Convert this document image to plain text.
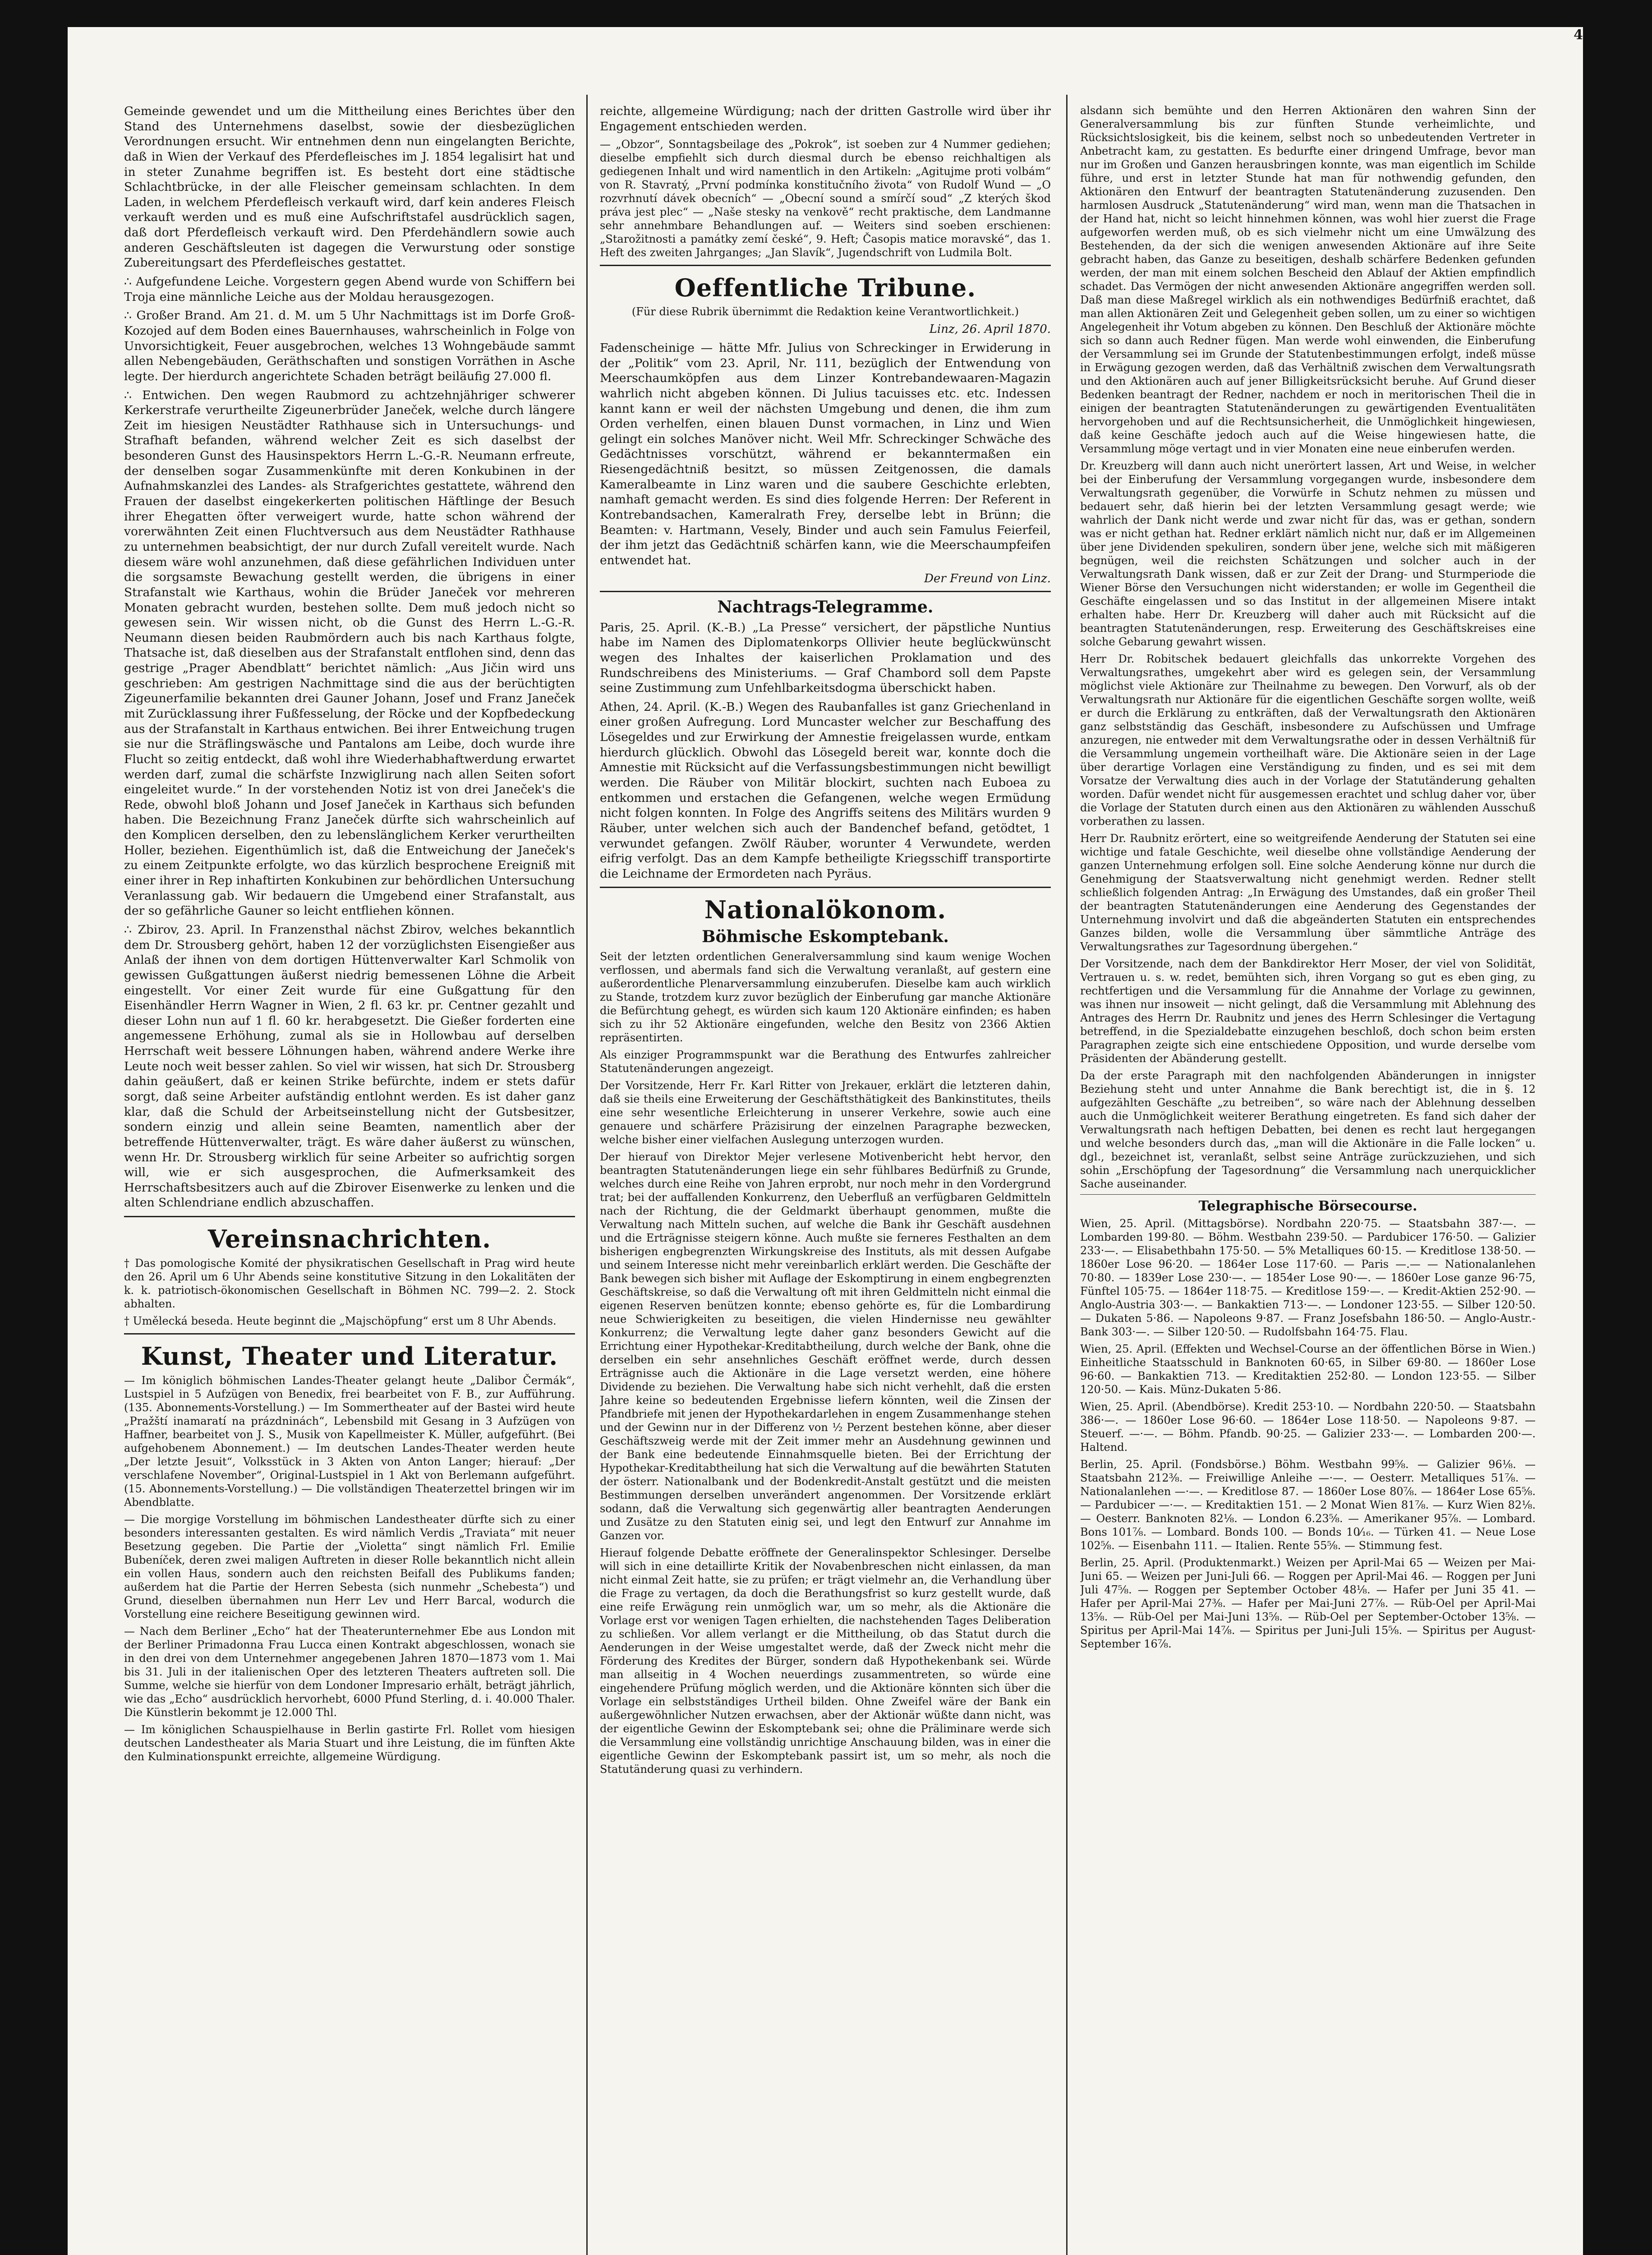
4

Gemeinde gewendet und um die Mittheilung eines Berichtes über den Stand des Unternehmens daselbst, sowie der diesbezüglichen Verordnungen ersucht. Wir entnehmen denn nun eingelangten Berichte, daß in Wien der Verkauf des Pferdefleisches im J. 1854 legalisirt hat und in steter Zunahme begriffen ist. Es besteht dort eine städtische Schlachtbrücke, in der alle Fleischer gemeinsam schlachten. In dem Laden, in welchem Pferdefleisch verkauft wird, darf kein anderes Fleisch verkauft werden und es muß eine Aufschriftstafel ausdrücklich sagen, daß dort Pferdefleisch verkauft wird. Den Pferdehändlern sowie auch anderen Geschäftsleuten ist dagegen die Verwurstung oder sonstige Zubereitungsart des Pferdefleisches gestattet.

∴ Aufgefundene Leiche. Vorgestern gegen Abend wurde von Schiffern bei Troja eine männliche Leiche aus der Moldau herausgezogen.

∴ Großer Brand. Am 21. d. M. um 5 Uhr Nachmittags ist im Dorfe Groß-Kozojed auf dem Boden eines Bauernhauses, wahrscheinlich in Folge von Unvorsichtigkeit, Feuer ausgebrochen, welches 13 Wohngebäude sammt allen Nebengebäuden, Geräthschaften und sonstigen Vorräthen in Asche legte. Der hierdurch angerichtete Schaden beträgt beiläufig 27.000 fl.

∴ Entwichen. Den wegen Raubmord zu achtzehnjähriger schwerer Kerkerstrafe verurtheilte Zigeunerbrüder Janeček, welche durch längere Zeit im hiesigen Neustädter Rathhause sich in Untersuchungs- und Strafhaft befanden, während welcher Zeit es sich daselbst der besonderen Gunst des Hausinspektors Herrn L.-G.-R. Neumann erfreute, der denselben sogar Zusammenkünfte mit deren Konkubinen in der Aufnahmskanzlei des Landes- als Strafgerichtes gestattete, während den Frauen der daselbst eingekerkerten politischen Häftlinge der Besuch ihrer Ehegatten öfter verweigert wurde, hatte schon während der vorerwähnten Zeit einen Fluchtversuch aus dem Neustädter Rathhause zu unternehmen beabsichtigt, der nur durch Zufall vereitelt wurde. Nach diesem wäre wohl anzunehmen, daß diese gefährlichen Individuen unter die sorgsamste Bewachung gestellt werden, die übrigens in einer Strafanstalt wie Karthaus, wohin die Brüder Janeček vor mehreren Monaten gebracht wurden, bestehen sollte. Dem muß jedoch nicht so gewesen sein. Wir wissen nicht, ob die Gunst des Herrn L.-G.-R. Neumann diesen beiden Raubmördern auch bis nach Karthaus folgte, Thatsache ist, daß dieselben aus der Strafanstalt entflohen sind, denn das gestrige „Prager Abendblatt“ berichtet nämlich: „Aus Jičin wird uns geschrieben: Am gestrigen Nachmittage sind die aus der berüchtigten Zigeunerfamilie bekannten drei Gauner Johann, Josef und Franz Janeček mit Zurücklassung ihrer Fußfesselung, der Röcke und der Kopfbedeckung aus der Strafanstalt in Karthaus entwichen. Bei ihrer Entweichung trugen sie nur die Sträflingswäsche und Pantalons am Leibe, doch wurde ihre Flucht so zeitig entdeckt, daß wohl ihre Wiederhabhaftwerdung erwartet werden darf, zumal die schärfste Inzwiglirung nach allen Seiten sofort eingeleitet wurde.“ In der vorstehenden Notiz ist von drei Janeček's die Rede, obwohl bloß Johann und Josef Janeček in Karthaus sich befunden haben. Die Bezeichnung Franz Janeček dürfte sich wahrscheinlich auf den Komplicen derselben, den zu lebenslänglichem Kerker verurtheilten Holler, beziehen. Eigenthümlich ist, daß die Entweichung der Janeček's zu einem Zeitpunkte erfolgte, wo das kürzlich besprochene Ereigniß mit einer ihrer in Rep inhaftirten Konkubinen zur behördlichen Untersuchung Veranlassung gab. Wir bedauern die Umgebend einer Strafanstalt, aus der so gefährliche Gauner so leicht entfliehen können.

∴ Zbirov, 23. April. In Franzensthal nächst Zbirov, welches bekanntlich dem Dr. Strousberg gehört, haben 12 der vorzüglichsten Eisengießer aus Anlaß der ihnen von dem dortigen Hüttenverwalter Karl Schmolik von gewissen Gußgattungen äußerst niedrig bemessenen Löhne die Arbeit eingestellt. Vor einer Zeit wurde für eine Gußgattung für den Eisenhändler Herrn Wagner in Wien, 2 fl. 63 kr. pr. Centner gezahlt und dieser Lohn nun auf 1 fl. 60 kr. herabgesetzt. Die Gießer forderten eine angemessene Erhöhung, zumal als sie in Hollowbau auf derselben Herrschaft weit bessere Löhnungen haben, während andere Werke ihre Leute noch weit besser zahlen. So viel wir wissen, hat sich Dr. Strousberg dahin geäußert, daß er keinen Strike befürchte, indem er stets dafür sorgt, daß seine Arbeiter aufständig entlohnt werden. Es ist daher ganz klar, daß die Schuld der Arbeitseinstellung nicht der Gutsbesitzer, sondern einzig und allein seine Beamten, namentlich aber der betreffende Hüttenverwalter, trägt. Es wäre daher äußerst zu wünschen, wenn Hr. Dr. Strousberg wirklich für seine Arbeiter so aufrichtig sorgen will, wie er sich ausgesprochen, die Aufmerksamkeit des Herrschaftsbesitzers auch auf die Zbirover Eisenwerke zu lenken und die alten Schlendriane endlich abzuschaffen.

Vereinsnachrichten.

† Das pomologische Komité der physikratischen Gesellschaft in Prag wird heute den 26. April um 6 Uhr Abends seine konstitutive Sitzung in den Lokalitäten der k. k. patriotisch-ökonomischen Gesellschaft in Böhmen NC. 799—2. 2. Stock abhalten.

† Umělecká beseda. Heute beginnt die „Majschöpfung“ erst um 8 Uhr Abends.

Kunst, Theater und Literatur.

— Im königlich böhmischen Landes-Theater gelangt heute „Dalibor Čermák“, Lustspiel in 5 Aufzügen von Benedix, frei bearbeitet von F. B., zur Aufführung. (135. Abonnements-Vorstellung.) — Im Sommertheater auf der Bastei wird heute „Pražští inamaratí na prázdninách“, Lebensbild mit Gesang in 3 Aufzügen von Haffner, bearbeitet von J. S., Musik von Kapellmeister K. Müller, aufgeführt. (Bei aufgehobenem Abonnement.) — Im deutschen Landes-Theater werden heute „Der letzte Jesuit“, Volksstück in 3 Akten von Anton Langer; hierauf: „Der verschlafene November“, Original-Lustspiel in 1 Akt von Berlemann aufgeführt. (15. Abonnements-Vorstellung.) — Die vollständigen Theaterzettel bringen wir im Abendblatte.

— Die morgige Vorstellung im böhmischen Landestheater dürfte sich zu einer besonders interessanten gestalten. Es wird nämlich Verdis „Traviata“ mit neuer Besetzung gegeben. Die Partie der „Violetta“ singt nämlich Frl. Emilie Bubeníček, deren zwei maligen Auftreten in dieser Rolle bekanntlich nicht allein ein vollen Haus, sondern auch den reichsten Beifall des Publikums fanden; außerdem hat die Partie der Herren Sebesta (sich nunmehr „Schebesta“) und Grund, dieselben übernahmen nun Herr Lev und Herr Barcal, wodurch die Vorstellung eine reichere Beseitigung gewinnen wird.

— Nach dem Berliner „Echo“ hat der Theaterunternehmer Ebe aus London mit der Berliner Primadonna Frau Lucca einen Kontrakt abgeschlossen, wonach sie in den drei von dem Unternehmer angegebenen Jahren 1870—1873 vom 1. Mai bis 31. Juli in der italienischen Oper des letzteren Theaters auftreten soll. Die Summe, welche sie hierfür von dem Londoner Impresario erhält, beträgt jährlich, wie das „Echo“ ausdrücklich hervorhebt, 6000 Pfund Sterling, d. i. 40.000 Thaler. Die Künstlerin bekommt je 12.000 Thl.

— Im königlichen Schauspielhause in Berlin gastirte Frl. Rollet vom hiesigen deutschen Landestheater als Maria Stuart und ihre Leistung, die im fünften Akte den Kulminationspunkt erreichte, allgemeine Würdigung.

reichte, allgemeine Würdigung; nach der dritten Gastrolle wird über ihr Engagement entschieden werden.

— „Obzor“, Sonntagsbeilage des „Pokrok“, ist soeben zur 4 Nummer gediehen; dieselbe empfiehlt sich durch diesmal durch be ebenso reichhaltigen als gediegenen Inhalt und wird namentlich in den Artikeln: „Agitujme proti volbám“ von R. Stavratý, „První podmínka konstitučního života“ von Rudolf Wund — „O rozvrhnutí dávek obecních“ — „Obecní sound a smírčí soud“ „Z kterých škod práva jest plec“ — „Naše stesky na venkově“ recht praktische, dem Landmanne sehr annehmbare Behandlungen auf. — Weiters sind soeben erschienen: „Starožitnosti a památky zemí české“, 9. Heft; Časopis matice moravské“, das 1. Heft des zweiten Jahrganges; „Jan Slavík“, Jugendschrift von Ludmila Bolt.

Oeffentliche Tribune.
(Für diese Rubrik übernimmt die Redaktion keine Verantwortlichkeit.)
Linz, 26. April 1870.

Fadenscheinige — hätte Mfr. Julius von Schreckinger in Erwiderung in der „Politik“ vom 23. April, Nr. 111, bezüglich der Entwendung von Meerschaumköpfen aus dem Linzer Kontrebandewaaren-Magazin wahrlich nicht abgeben können. Di Julius tacuisses etc. etc. Indessen kannt kann er weil der nächsten Umgebung und denen, die ihm zum Orden verhelfen, einen blauen Dunst vormachen, in Linz und Wien gelingt ein solches Manöver nicht. Weil Mfr. Schreckinger Schwäche des Gedächtnisses vorschützt, während er bekanntermaßen ein Riesengedächtniß besitzt, so müssen Zeitgenossen, die damals Kameralbeamte in Linz waren und die saubere Geschichte erlebten, namhaft gemacht werden. Es sind dies folgende Herren: Der Referent in Kontrebandsachen, Kameralrath Frey, derselbe lebt in Brünn; die Beamten: v. Hartmann, Vesely, Binder und auch sein Famulus Feierfeil, der ihm jetzt das Gedächtniß schärfen kann, wie die Meerschaumpfeifen entwendet hat.

Der Freund von Linz.
Nachtrags-Telegramme.

Paris, 25. April. (K.-B.) „La Presse“ versichert, der päpstliche Nuntius habe im Namen des Diplomatenkorps Ollivier heute beglückwünscht wegen des Inhaltes der kaiserlichen Proklamation und des Rundschreibens des Ministeriums. — Graf Chambord soll dem Papste seine Zustimmung zum Unfehlbarkeitsdogma überschickt haben.

Athen, 24. April. (K.-B.) Wegen des Raubanfalles ist ganz Griechenland in einer großen Aufregung. Lord Muncaster welcher zur Beschaffung des Lösegeldes und zur Erwirkung der Amnestie freigelassen wurde, entkam hierdurch glücklich. Obwohl das Lösegeld bereit war, konnte doch die Amnestie mit Rücksicht auf die Verfassungsbestimmungen nicht bewilligt werden. Die Räuber von Militär blockirt, suchten nach Euboea zu entkommen und erstachen die Gefangenen, welche wegen Ermüdung nicht folgen konnten. In Folge des Angriffs seitens des Militärs wurden 9 Räuber, unter welchen sich auch der Bandenchef befand, getödtet, 1 verwundet gefangen. Zwölf Räuber, worunter 4 Verwundete, werden eifrig verfolgt. Das an dem Kampfe betheiligte Kriegsschiff transportirte die Leichname der Ermordeten nach Pyräus.

Nationalökonom.
Böhmische Eskomptebank.

Seit der letzten ordentlichen Generalversammlung sind kaum wenige Wochen verflossen, und abermals fand sich die Verwaltung veranlaßt, auf gestern eine außerordentliche Plenarversammlung einzuberufen. Dieselbe kam auch wirklich zu Stande, trotzdem kurz zuvor bezüglich der Einberufung gar manche Aktionäre die Befürchtung gehegt, es würden sich kaum 120 Aktionäre einfinden; es haben sich zu ihr 52 Aktionäre eingefunden, welche den Besitz von 2366 Aktien repräsentirten.

Als einziger Programmspunkt war die Berathung des Entwurfes zahlreicher Statutenänderungen angezeigt.

Der Vorsitzende, Herr Fr. Karl Ritter von Jrekauer, erklärt die letzteren dahin, daß sie theils eine Erweiterung der Geschäftsthätigkeit des Bankinstitutes, theils eine sehr wesentliche Erleichterung in unserer Verkehre, sowie auch eine genauere und schärfere Präzisirung der einzelnen Paragraphe bezwecken, welche bisher einer vielfachen Auslegung unterzogen wurden.

Der hierauf von Direktor Mejer verlesene Motivenbericht hebt hervor, den beantragten Statutenänderungen liege ein sehr fühlbares Bedürfniß zu Grunde, welches durch eine Reihe von Jahren erprobt, nur noch mehr in den Vordergrund trat; bei der auffallenden Konkurrenz, den Ueberfluß an verfügbaren Geldmitteln nach der Richtung, die der Geldmarkt überhaupt genommen, mußte die Verwaltung nach Mitteln suchen, auf welche die Bank ihr Geschäft ausdehnen und die Erträgnisse steigern könne. Auch mußte sie ferneres Festhalten an dem bisherigen engbegrenzten Wirkungskreise des Instituts, als mit dessen Aufgabe und seinem Interesse nicht mehr vereinbarlich erklärt werden. Die Geschäfte der Bank bewegen sich bisher mit Auflage der Eskomptirung in einem engbegrenzten Geschäftskreise, so daß die Verwaltung oft mit ihren Geldmitteln nicht einmal die eigenen Reserven benützen konnte; ebenso gehörte es, für die Lombardirung neue Schwierigkeiten zu beseitigen, die vielen Hindernisse neu gewählter Konkurrenz; die Verwaltung legte daher ganz besonders Gewicht auf die Errichtung einer Hypothekar-Kreditabtheilung, durch welche der Bank, ohne die derselben ein sehr ansehnliches Geschäft eröffnet werde, durch dessen Erträgnisse auch die Aktionäre in die Lage versetzt werden, eine höhere Dividende zu beziehen. Die Verwaltung habe sich nicht verhehlt, daß die ersten Jahre keine so bedeutenden Ergebnisse liefern könnten, weil die Zinsen der Pfandbriefe mit jenen der Hypothekardarlehen in engem Zusammenhange stehen und der Gewinn nur in der Differenz von ½ Perzent bestehen könne, aber dieser Geschäftszweig werde mit der Zeit immer mehr an Ausdehnung gewinnen und der Bank eine bedeutende Einnahmsquelle bieten. Bei der Errichtung der Hypothekar-Kreditabtheilung hat sich die Verwaltung auf die bewährten Statuten der österr. Nationalbank und der Bodenkredit-Anstalt gestützt und die meisten Bestimmungen derselben unverändert angenommen. Der Vorsitzende erklärt sodann, daß die Verwaltung sich gegenwärtig aller beantragten Aenderungen und Zusätze zu den Statuten einig sei, und legt den Entwurf zur Annahme im Ganzen vor.

Hierauf folgende Debatte eröffnete der Generalinspektor Schlesinger. Derselbe will sich in eine detaillirte Kritik der Novabenbreschen nicht einlassen, da man nicht einmal Zeit hatte, sie zu prüfen; er trägt vielmehr an, die Verhandlung über die Frage zu vertagen, da doch die Berathungsfrist so kurz gestellt wurde, daß eine reife Erwägung rein unmöglich war, um so mehr, als die Aktionäre die Vorlage erst vor wenigen Tagen erhielten, die nachstehenden Tages Deliberation zu schließen. Vor allem verlangt er die Mittheilung, ob das Statut durch die Aenderungen in der Weise umgestaltet werde, daß der Zweck nicht mehr die Förderung des Kredites der Bürger, sondern daß Hypothekenbank sei. Würde man allseitig in 4 Wochen neuerdings zusammentreten, so würde eine eingehendere Prüfung möglich werden, und die Aktionäre könnten sich über die Vorlage ein selbstständiges Urtheil bilden. Ohne Zweifel wäre der Bank ein außergewöhnlicher Nutzen erwachsen, aber der Aktionär wüßte dann nicht, was der eigentliche Gewinn der Eskomptebank sei; ohne die Präliminare werde sich die Versammlung eine vollständig unrichtige Anschauung bilden, was in einer die eigentliche Gewinn der Eskomptebank passirt ist, um so mehr, als noch die Statutänderung quasi zu verhindern.

alsdann sich bemühte und den Herren Aktionären den wahren Sinn der Generalversammlung bis zur fünften Stunde verheimlichte, und Rücksichtslosigkeit, bis die keinem, selbst noch so unbedeutenden Vertreter in Anbetracht kam, zu gestatten. Es bedurfte einer dringend Umfrage, bevor man nur im Großen und Ganzen herausbringen konnte, was man eigentlich im Schilde führe, und erst in letzter Stunde hat man für nothwendig gefunden, den Aktionären den Entwurf der beantragten Statutenänderung zuzusenden. Den harmlosen Ausdruck „Statutenänderung“ wird man, wenn man die Thatsachen in der Hand hat, nicht so leicht hinnehmen können, was wohl hier zuerst die Frage aufgeworfen werden muß, ob es sich vielmehr nicht um eine Umwälzung des Bestehenden, da der sich die wenigen anwesenden Aktionäre auf ihre Seite gebracht haben, das Ganze zu beseitigen, deshalb schärfere Bedenken gefunden werden, der man mit einem solchen Bescheid den Ablauf der Aktien empfindlich schadet. Das Vermögen der nicht anwesenden Aktionäre angegriffen werden soll. Daß man diese Maßregel wirklich als ein nothwendiges Bedürfniß erachtet, daß man allen Aktionären Zeit und Gelegenheit geben sollen, um zu einer so wichtigen Angelegenheit ihr Votum abgeben zu können. Den Beschluß der Aktionäre möchte sich so dann auch Redner fügen. Man werde wohl einwenden, die Einberufung der Versammlung sei im Grunde der Statutenbestimmungen erfolgt, indeß müsse in Erwägung gezogen werden, daß das Verhältniß zwischen dem Verwaltungsrath und den Aktionären auch auf jener Billigkeitsrücksicht beruhe. Auf Grund dieser Bedenken beantragt der Redner, nachdem er noch in meritorischen Theil die in einigen der beantragten Statutenänderungen zu gewärtigenden Eventualitäten hervorgehoben und auf die Rechtsunsicherheit, die Unmöglichkeit hingewiesen, daß keine Geschäfte jedoch auch auf die Weise hingewiesen hatte, die Versammlung möge vertagt und in vier Monaten eine neue einberufen werden.

Dr. Kreuzberg will dann auch nicht unerörtert lassen, Art und Weise, in welcher bei der Einberufung der Versammlung vorgegangen wurde, insbesondere dem Verwaltungsrath gegenüber, die Vorwürfe in Schutz nehmen zu müssen und bedauert sehr, daß hierin bei der letzten Versammlung gesagt werde; wie wahrlich der Dank nicht werde und zwar nicht für das, was er gethan, sondern was er nicht gethan hat. Redner erklärt nämlich nicht nur, daß er im Allgemeinen über jene Dividenden spekuliren, sondern über jene, welche sich mit mäßigeren begnügen, weil die reichsten Schätzungen und solcher auch in der Verwaltungsrath Dank wissen, daß er zur Zeit der Drang- und Sturmperiode die Wiener Börse den Versuchungen nicht widerstanden; er wolle im Gegentheil die Geschäfte eingelassen und so das Institut in der allgemeinen Misere intakt erhalten habe. Herr Dr. Kreuzberg will daher auch mit Rücksicht auf die beantragten Statutenänderungen, resp. Erweiterung des Geschäftskreises eine solche Gebarung gewahrt wissen.

Herr Dr. Robitschek bedauert gleichfalls das unkorrekte Vorgehen des Verwaltungsrathes, umgekehrt aber wird es gelegen sein, der Versammlung möglichst viele Aktionäre zur Theilnahme zu bewegen. Den Vorwurf, als ob der Verwaltungsrath nur Aktionäre für die eigentlichen Geschäfte sorgen wollte, weiß er durch die Erklärung zu entkräften, daß der Verwaltungsrath den Aktionären ganz selbstständig das Geschäft, insbesondere zu Aufschüssen und Umfrage anzuregen, nie entweder mit dem Verwaltungsrathe oder in dessen Verhältniß für die Versammlung ungemein vortheilhaft wäre. Die Aktionäre seien in der Lage über derartige Vorlagen eine Verständigung zu finden, und es sei mit dem Vorsatze der Verwaltung dies auch in der Vorlage der Statutänderung gehalten worden. Dafür wendet nicht für ausgemessen erachtet und schlug daher vor, über die Vorlage der Statuten durch einen aus den Aktionären zu wählenden Ausschuß vorberathen zu lassen.

Herr Dr. Raubnitz erörtert, eine so weitgreifende Aenderung der Statuten sei eine wichtige und fatale Geschichte, weil dieselbe ohne vollständige Aenderung der ganzen Unternehmung erfolgen soll. Eine solche Aenderung könne nur durch die Genehmigung der Staatsverwaltung nicht genehmigt werden. Redner stellt schließlich folgenden Antrag: „In Erwägung des Umstandes, daß ein großer Theil der beantragten Statutenänderungen eine Aenderung des Gegenstandes der Unternehmung involvirt und daß die abgeänderten Statuten ein entsprechendes Ganzes bilden, wolle die Versammlung über sämmtliche Anträge des Verwaltungsrathes zur Tagesordnung übergehen.“

Der Vorsitzende, nach dem der Bankdirektor Herr Moser, der viel von Solidität, Vertrauen u. s. w. redet, bemühten sich, ihren Vorgang so gut es eben ging, zu rechtfertigen und die Versammlung für die Annahme der Vorlage zu gewinnen, was ihnen nur insoweit — nicht gelingt, daß die Versammlung mit Ablehnung des Antrages des Herrn Dr. Raubnitz und jenes des Herrn Schlesinger die Vertagung betreffend, in die Spezialdebatte einzugehen beschloß, doch schon beim ersten Paragraphen zeigte sich eine entschiedene Opposition, und wurde derselbe vom Präsidenten der Abänderung gestellt.

Da der erste Paragraph mit den nachfolgenden Abänderungen in innigster Beziehung steht und unter Annahme die Bank berechtigt ist, die in §. 12 aufgezählten Geschäfte „zu betreiben“, so wäre nach der Ablehnung desselben auch die Unmöglichkeit weiterer Berathung eingetreten. Es fand sich daher der Verwaltungsrath nach heftigen Debatten, bei denen es recht laut hergegangen und welche besonders durch das, „man will die Aktionäre in die Falle locken“ u. dgl., bezeichnet ist, veranlaßt, selbst seine Anträge zurückzuziehen, und sich sohin „Erschöpfung der Tagesordnung“ die Versammlung nach unerquicklicher Sache auseinander.

Telegraphische Börsecourse.

Wien, 25. April. (Mittagsbörse). Nordbahn 220·75. — Staatsbahn 387·—. — Lombarden 199·80. — Böhm. Westbahn 239·50. — Pardubicer 176·50. — Galizier 233·—. — Elisabethbahn 175·50. — 5% Metalliques 60·15. — Kreditlose 138·50. — 1860er Lose 96·20. — 1864er Lose 117·60. — Paris —.— — Nationalanlehen 70·80. — 1839er Lose 230·—. — 1854er Lose 90·—. — 1860er Lose ganze 96·75, Fünftel 105·75. — 1864er 118·75. — Kreditlose 159·—. — Kredit-Aktien 252·90. — Anglo-Austria 303·—. — Bankaktien 713·—. — Londoner 123·55. — Silber 120·50. — Dukaten 5·86. — Napoleons 9·87. — Franz Josefsbahn 186·50. — Anglo-Austr.-Bank 303·—. — Silber 120·50. — Rudolfsbahn 164·75. Flau.

Wien, 25. April. (Effekten und Wechsel-Course an der öffentlichen Börse in Wien.) Einheitliche Staatsschuld in Banknoten 60·65, in Silber 69·80. — 1860er Lose 96·60. — Bankaktien 713. — Kreditaktien 252·80. — London 123·55. — Silber 120·50. — Kais. Münz-Dukaten 5·86.

Wien, 25. April. (Abendbörse). Kredit 253·10. — Nordbahn 220·50. — Staatsbahn 386·—. — 1860er Lose 96·60. — 1864er Lose 118·50. — Napoleons 9·87. — Steuerf. —·—. — Böhm. Pfandb. 90·25. — Galizier 233·—. — Lombarden 200·—. Haltend.

Berlin, 25. April. (Fondsbörse.) Böhm. Westbahn 99⅝. — Galizier 96⅛. — Staatsbahn 212⅜. — Freiwillige Anleihe —·—. — Oesterr. Metalliques 51⅞. — Nationalanlehen —·—. — Kreditlose 87. — 1860er Lose 80⅞. — 1864er Lose 65⅝. — Pardubicer —·—. — Kreditaktien 151. — 2 Monat Wien 81⅞. — Kurz Wien 82⅛. — Oesterr. Banknoten 82⅛. — London 6.23⅝. — Amerikaner 95⅞. — Lombard. Bons 101⅞. — Lombard. Bonds 100. — Bonds 10⁄₁₆. — Türken 41. — Neue Lose 102⅝. — Eisenbahn 111. — Italien. Rente 55⅝. — Stimmung fest.

Berlin, 25. April. (Produktenmarkt.) Weizen per April-Mai 65 — Weizen per Mai-Juni 65. — Weizen per Juni-Juli 66. — Roggen per April-Mai 46. — Roggen per Juni Juli 47⅝. — Roggen per September October 48⅛. — Hafer per Juni 35 41. — Hafer per April-Mai 27⅜. — Hafer per Mai-Juni 27⅞. — Rüb-Oel per April-Mai 13⅝. — Rüb-Oel per Mai-Juni 13⅝. — Rüb-Oel per September-October 13⅝. — Spiritus per April-Mai 14⅞. — Spiritus per Juni-Juli 15⅝. — Spiritus per August-September 16⅞.
